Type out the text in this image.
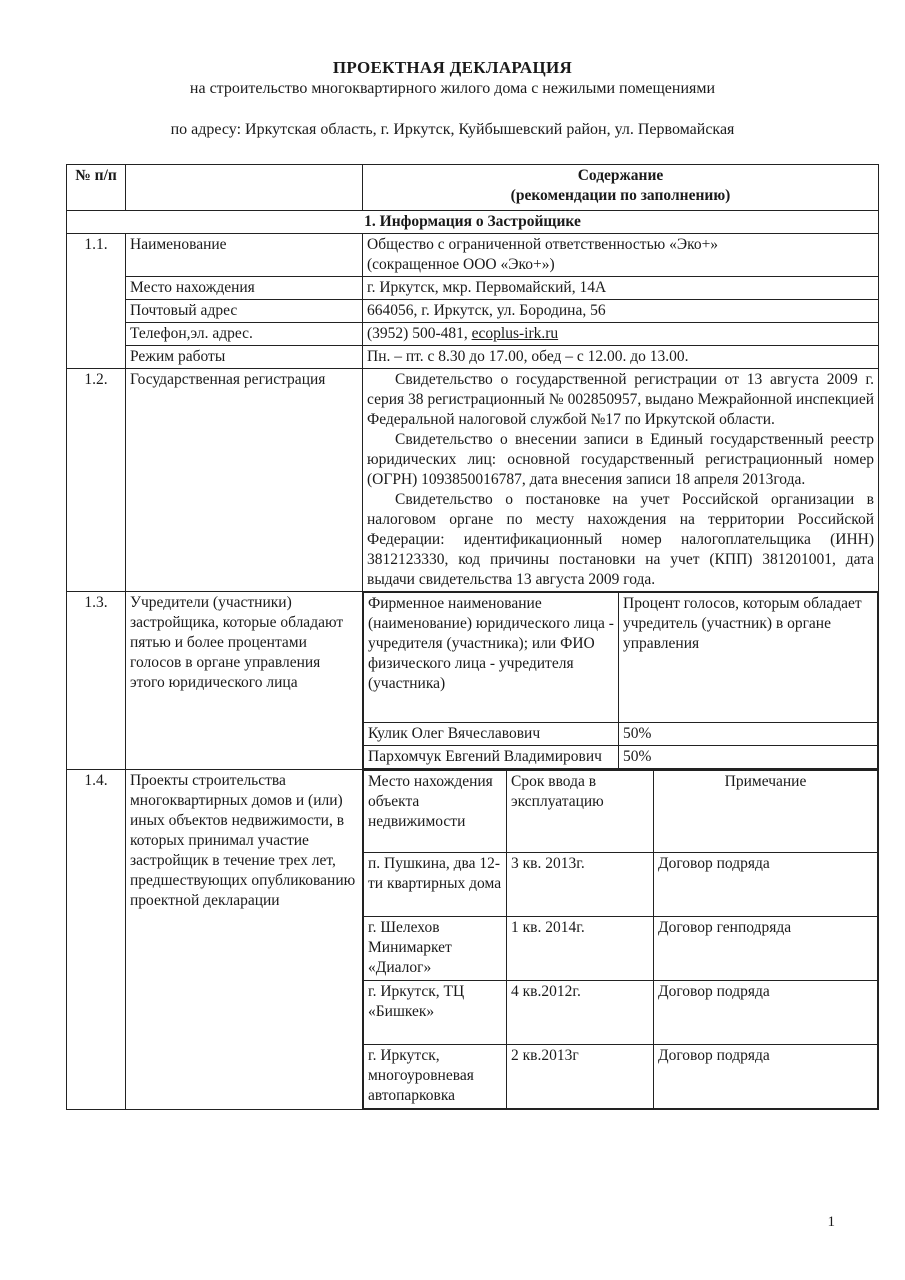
ПРОЕКТНАЯ ДЕКЛАРАЦИЯ
на строительство многоквартирного жилого дома с нежилыми помещениями
по адресу: Иркутская область, г. Иркутск, Куйбышевский район, ул. Первомайская
№ п/п		Содержание
(рекомендации по заполнению)

1. Информация о Застройщике
1.1.	Наименование	Общество с ограниченной ответственностью «Эко+»
(сокращенное ООО «Эко+»)

Место нахождения	г. Иркутск, мкр. Первомайский, 14А
Почтовый адрес	664056, г. Иркутск, ул. Бородина, 56
Телефон,эл. адрес.	(3952) 500-481, ecoplus-irk.ru
Режим работы	Пн. – пт. с 8.30 до 17.00, обед – с 12.00. до 13.00.
1.2.	Государственная регистрация	Свидетельство о государственной регистрации от 13 августа 2009 г. серия 38 регистрационный № 002850957, выдано Межрайонной инспекцией Федеральной налоговой службой №17 по Иркутской области.
Свидетельство о внесении записи в Единый государственный реестр юридических лиц: основной государственный регистрационный номер (ОГРН) 1093850016787, дата внесения записи 18 апреля 2013года.
Свидетельство о постановке на учет Российской организации в налоговом органе по месту нахождения на территории Российской Федерации: идентификационный номер налогоплательщика (ИНН) 3812123330, код причины постановки на учет (КПП) 381201001, дата выдачи свидетельства 13 августа 2009 года.

1.3.	Учредители (участники) застройщика, которые обладают пятью и более процентами голосов в органе управления этого юридического лица	
Фирменное наименование (наименование) юридического лица - учредителя (участника); или ФИО физического лица - учредителя (участника)	Процент голосов, которым обладает учредитель (участник) в органе управления
Кулик Олег Вячеславович	50%
Пархомчук Евгений Владимирович	50%

1.4.	Проекты строительства многоквартирных домов и (или) иных объектов недвижимости, в которых принимал участие застройщик в течение трех лет, предшествующих опубликованию проектной декларации	
Место нахождения объекта недвижимости	Срок ввода в эксплуатацию	Примечание
п. Пушкина, два 12-ти квартирных дома	3 кв. 2013г.	Договор подряда
г. Шелехов Минимаркет «Диалог»	1 кв. 2014г.	Договор генподряда
г. Иркутск, ТЦ «Бишкек»	4 кв.2012г.	Договор подряда
г. Иркутск, многоуровневая автопарковка	2 кв.2013г	Договор подряда
1
